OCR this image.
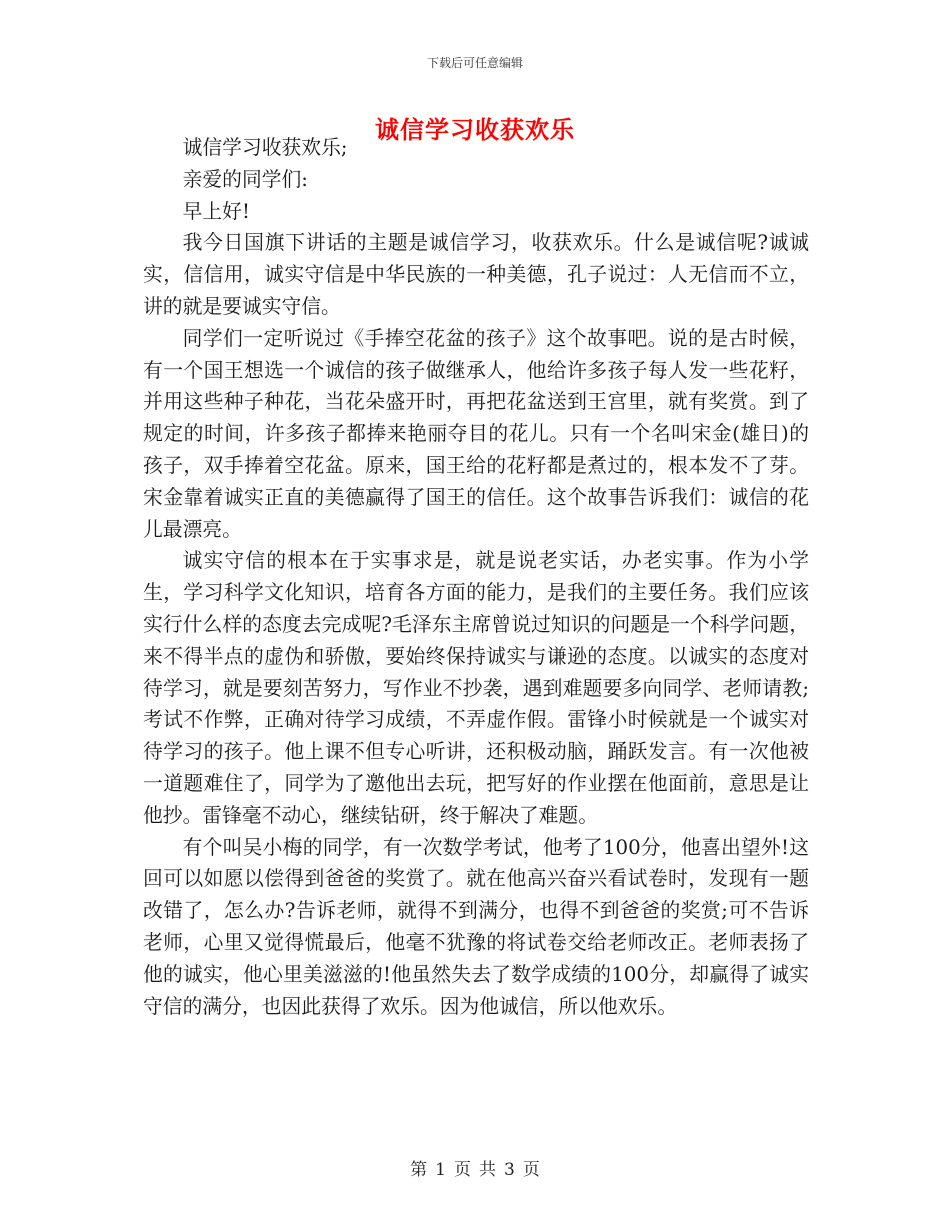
下载后可任意编辑
诚信学习收获欢乐

诚信学习收获欢乐;

亲爱的同学们:

早上好!

我今日国旗下讲话的主题是诚信学习，收获欢乐。什么是诚信呢?诚诚实，信信用，诚实守信是中华民族的一种美德，孔子说过：人无信而不立，讲的就是要诚实守信。

同学们一定听说过《手捧空花盆的孩子》这个故事吧。说的是古时候，有一个国王想选一个诚信的孩子做继承人，他给许多孩子每人发一些花籽，并用这些种子种花，当花朵盛开时，再把花盆送到王宫里，就有奖赏。到了规定的时间，许多孩子都捧来艳丽夺目的花儿。只有一个名叫宋金(雄日)的孩子，双手捧着空花盆。原来，国王给的花籽都是煮过的，根本发不了芽。宋金靠着诚实正直的美德赢得了国王的信任。这个故事告诉我们：诚信的花儿最漂亮。

诚实守信的根本在于实事求是，就是说老实话，办老实事。作为小学生，学习科学文化知识，培育各方面的能力，是我们的主要任务。我们应该实行什么样的态度去完成呢?毛泽东主席曾说过知识的问题是一个科学问题，来不得半点的虚伪和骄傲，要始终保持诚实与谦逊的态度。以诚实的态度对待学习，就是要刻苦努力，写作业不抄袭，遇到难题要多向同学、老师请教;考试不作弊，正确对待学习成绩，不弄虚作假。雷锋小时候就是一个诚实对待学习的孩子。他上课不但专心听讲，还积极动脑，踊跃发言。有一次他被一道题难住了，同学为了邀他出去玩，把写好的作业摆在他面前，意思是让他抄。雷锋毫不动心，继续钻研，终于解决了难题。

有个叫吴小梅的同学，有一次数学考试，他考了100分，他喜出望外!这回可以如愿以偿得到爸爸的奖赏了。就在他高兴奋兴看试卷时，发现有一题改错了，怎么办?告诉老师，就得不到满分，也得不到爸爸的奖赏;可不告诉老师，心里又觉得慌最后，他毫不犹豫的将试卷交给老师改正。老师表扬了他的诚实，他心里美滋滋的!他虽然失去了数学成绩的100分，却赢得了诚实守信的满分，也因此获得了欢乐。因为他诚信，所以他欢乐。

第 1 页 共 3 页
